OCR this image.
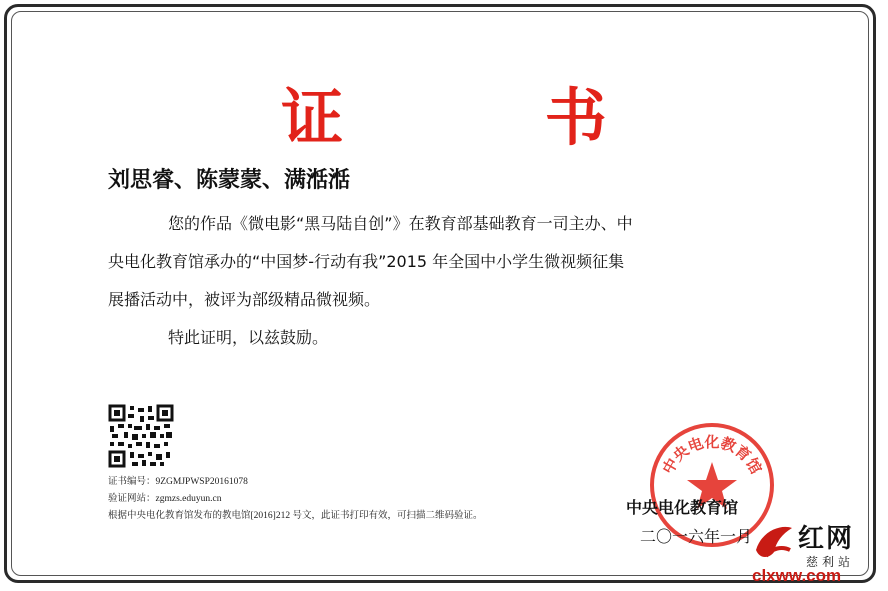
证 书
刘思睿、陈蒙蒙、满湉湉

您的作品《微电影“黑马陆自创”》在教育部基础教育一司主办、中

央电化教育馆承办的“中国梦-行动有我”2015 年全国中小学生微视频征集

展播活动中，被评为部级精品微视频。

特此证明，以兹鼓励。

证书编号：9ZGMJPWSP20161078
验证网站：zgmzs.eduyun.cn
根据中央电化教育馆发布的教电馆[2016]212 号文，此证书打印有效，可扫描二维码验证。
中央电化教育馆
中央电化教育馆
二〇一六年一月 红网
慈利站
clxww.com
